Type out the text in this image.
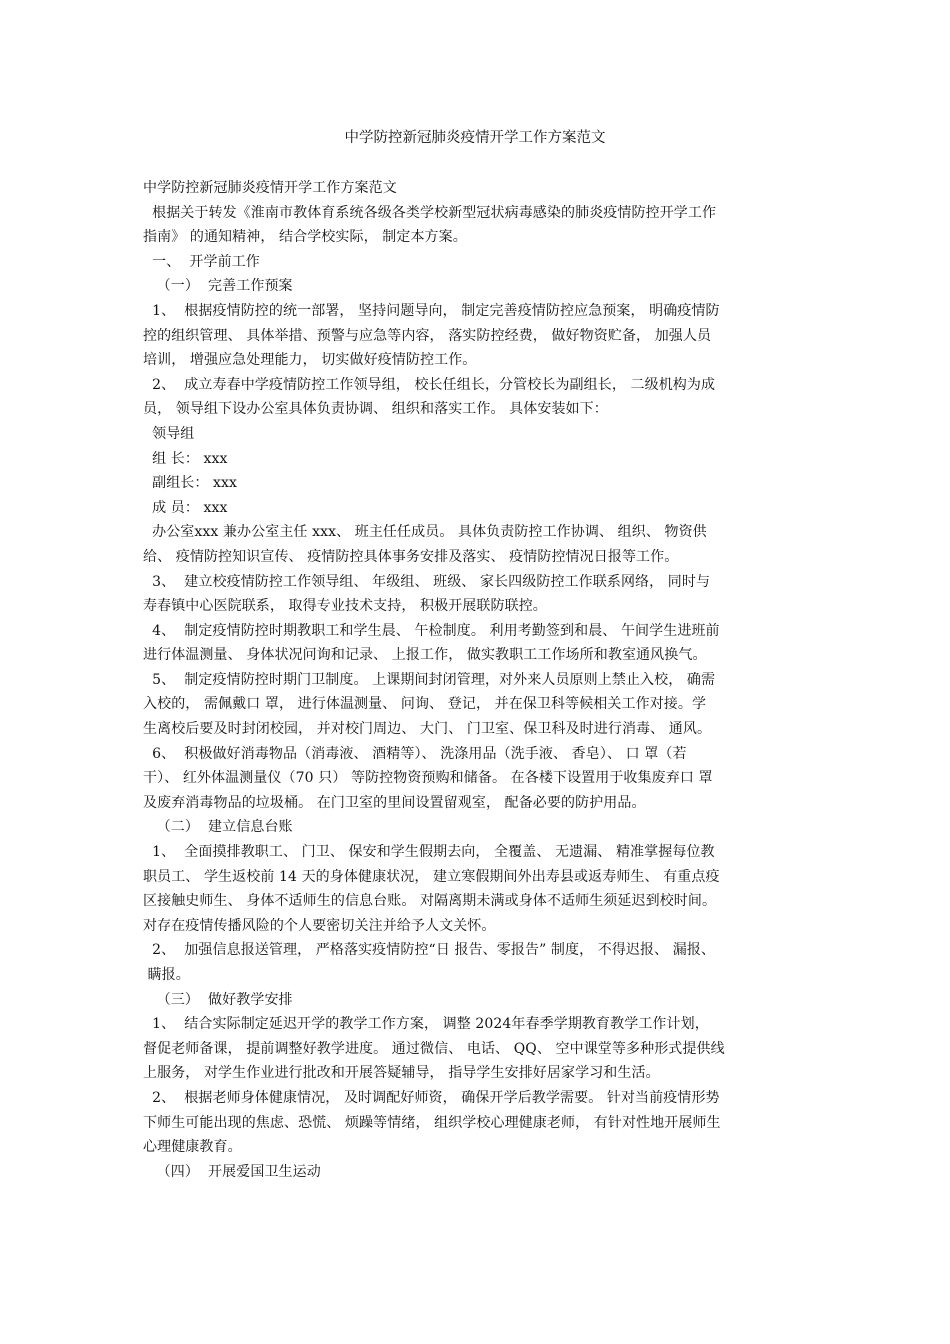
中学防控新冠肺炎疫情开学工作方案范文
中学防控新冠肺炎疫情开学工作方案范文
根据关于转发《淮南市教体育系统各级各类学校新型冠状病毒感染的肺炎疫情防控开学工作
指南》 的通知精神， 结合学校实际， 制定本方案。
一、  开学前工作
（一）  完善工作预案
1、  根据疫情防控的统一部署， 坚持问题导向， 制定完善疫情防控应急预案， 明确疫情防
控的组织管理、 具体举措、预警与应急等内容， 落实防控经费， 做好物资贮备， 加强人员
培训， 增强应急处理能力， 切实做好疫情防控工作。
2、  成立寿春中学疫情防控工作领导组， 校长任组长，分管校长为副组长， 二级机构为成
员， 领导组下设办公室具体负责协调、 组织和落实工作。 具体安装如下：
领导组
组 长： xxx
副组长： xxx
成 员： xxx
办公室xxx 兼办公室主任 xxx、 班主任任成员。 具体负责防控工作协调、 组织、 物资供
给、 疫情防控知识宣传、 疫情防控具体事务安排及落实、 疫情防控情况日报等工作。
3、  建立校疫情防控工作领导组、 年级组、 班级、 家长四级防控工作联系网络， 同时与
寿春镇中心医院联系， 取得专业技术支持， 积极开展联防联控。
4、  制定疫情防控时期教职工和学生晨、 午检制度。 利用考勤签到和晨、 午间学生进班前
进行体温测量、 身体状况问询和记录、 上报工作， 做实教职工工作场所和教室通风换气。
5、  制定疫情防控时期门卫制度。 上课期间封闭管理，对外来人员原则上禁止入校， 确需
入校的， 需佩戴口 罩， 进行体温测量、 问询、 登记， 并在保卫科等候相关工作对接。学
生离校后要及时封闭校园， 并对校门周边、 大门、 门卫室、保卫科及时进行消毒、 通风。
6、  积极做好消毒物品（消毒液、 酒精等）、 洗涤用品（洗手液、 香皂）、 口 罩（若
干）、 红外体温测量仪（70 只） 等防控物资预购和储备。 在各楼下设置用于收集废弃口 罩
及废弃消毒物品的垃圾桶。 在门卫室的里间设置留观室， 配备必要的防护用品。
（二）  建立信息台账
1、  全面摸排教职工、 门卫、 保安和学生假期去向， 全覆盖、 无遗漏、 精准掌握每位教
职员工、 学生返校前 14 天的身体健康状况， 建立寒假期间外出寿县或返寿师生、 有重点疫
区接触史师生、 身体不适师生的信息台账。 对隔离期未满或身体不适师生须延迟到校时间。
对存在疫情传播风险的个人要密切关注并给予人文关怀。
2、  加强信息报送管理， 严格落实疫情防控“日 报告、零报告” 制度， 不得迟报、 漏报、
瞒报。
（三）  做好教学安排
1、  结合实际制定延迟开学的教学工作方案， 调整 2024年春季学期教育教学工作计划，
督促老师备课， 提前调整好教学进度。 通过微信、 电话、 QQ、 空中课堂等多种形式提供线
上服务， 对学生作业进行批改和开展答疑辅导， 指导学生安排好居家学习和生活。
2、  根据老师身体健康情况， 及时调配好师资， 确保开学后教学需要。 针对当前疫情形势
下师生可能出现的焦虑、恐慌、 烦躁等情绪， 组织学校心理健康老师， 有针对性地开展师生
心理健康教育。
（四）  开展爱国卫生运动
